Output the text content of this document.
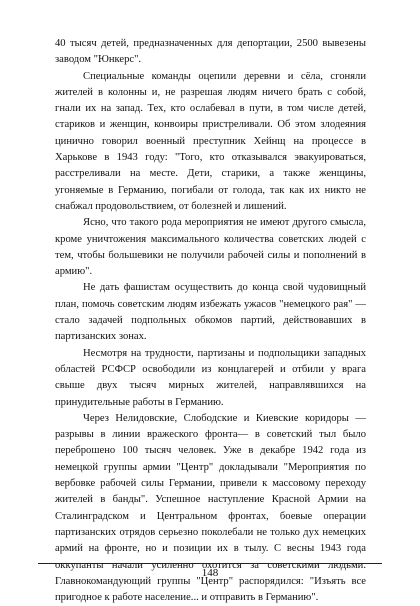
40 тысяч детей, предназначенных для депортации, 2500 вывезены заводом "Юнкерс".

Специальные команды оцепили деревни и сёла, сгоняли жителей в колонны и, не разрешая людям ничего брать с собой, гнали их на запад. Тех, кто ослабевал в пути, в том числе детей, стариков и женщин, конвоиры пристреливали. Об этом злодеяния цинично говорил военный преступник Хейнщ на процессе в Харькове в 1943 году: "Того, кто отказывался эвакуироваться, расстреливали на месте. Дети, старики, а также женщины, угоняемые в Германию, погибали от голода, так как их никто не снабжал продовольствием, от болезней и лишений.

Ясно, что такого рода мероприятия не имеют другого смысла, кроме уничтожения максимального количества советских людей с тем, чтобы большевики не получили рабочей силы и пополнений в армию".

Не дать фашистам осуществить до конца свой чудовищный план, помочь советским людям избежать ужасов "немецкого рая" — стало задачей подпольных обкомов партий, действовавших в партизанских зонах.

Несмотря на трудности, партизаны и подпольщики западных областей РСФСР освободили из концлагерей и отбили у врага свыше двух тысяч мирных жителей, направлявшихся на принудительные работы в Германию.

Через Нелидовские, Слободские и Киевские коридоры — разрывы в линии вражеского фронта— в советский тыл было переброшено 100 тысяч человек. Уже в декабре 1942 года из немецкой группы армии "Центр" докладывали "Мероприятия по вербовке рабочей силы Германии, привели к массовому переходу жителей в банды". Успешное наступление Красной Армии на Сталинградском и Центральном фронтах, боевые операции партизанских отрядов серьезно поколебали не только дух немецких армий на фронте, но и позиции их в тылу. С весны 1943 года оккупанты начали усиленно охотится за советскими людьми. Главнокомандующий группы "Центр" распорядился: "Изъять все пригодное к работе население... и отправить в Германию".

148
